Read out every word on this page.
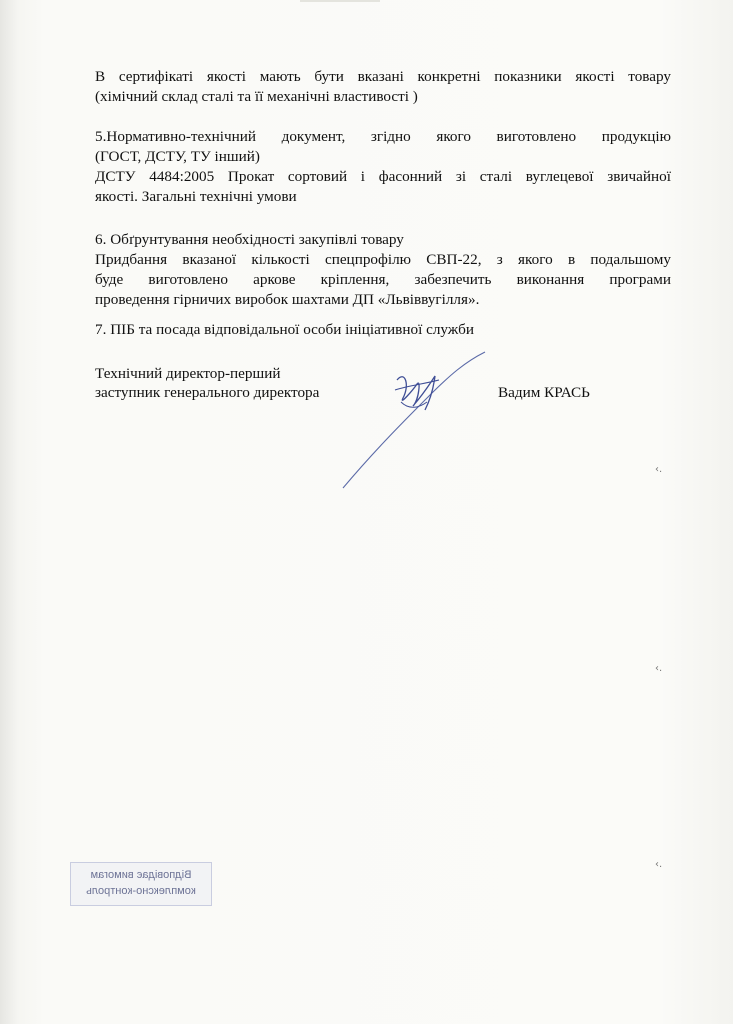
В сертифікаті якості мають бути вказані конкретні показники якості товару
(хімічний склад сталі та її механічні властивості )

5.Нормативно-технічний документ, згідно якого виготовлено продукцію
(ГОСТ, ДСТУ, ТУ інший)
ДСТУ 4484:2005 Прокат сортовий і фасонний зі сталі вуглецевої звичайної
якості. Загальні технічні умови

6. Обґрунтування необхідності закупівлі товару
Придбання вказаної кількості спецпрофілю СВП-22, з якого в подальшому
буде виготовлено аркове кріплення, забезпечить виконання програми
проведення гірничих виробок шахтами ДП «Львіввугілля».

7. ПІБ та посада відповідальної особи ініціативної служби

Технічний директор-перший
заступник генерального директора	Вадим КРАСЬ
‹.
‹.
‹.
Відповідає вимогам
комплексно-контроль
